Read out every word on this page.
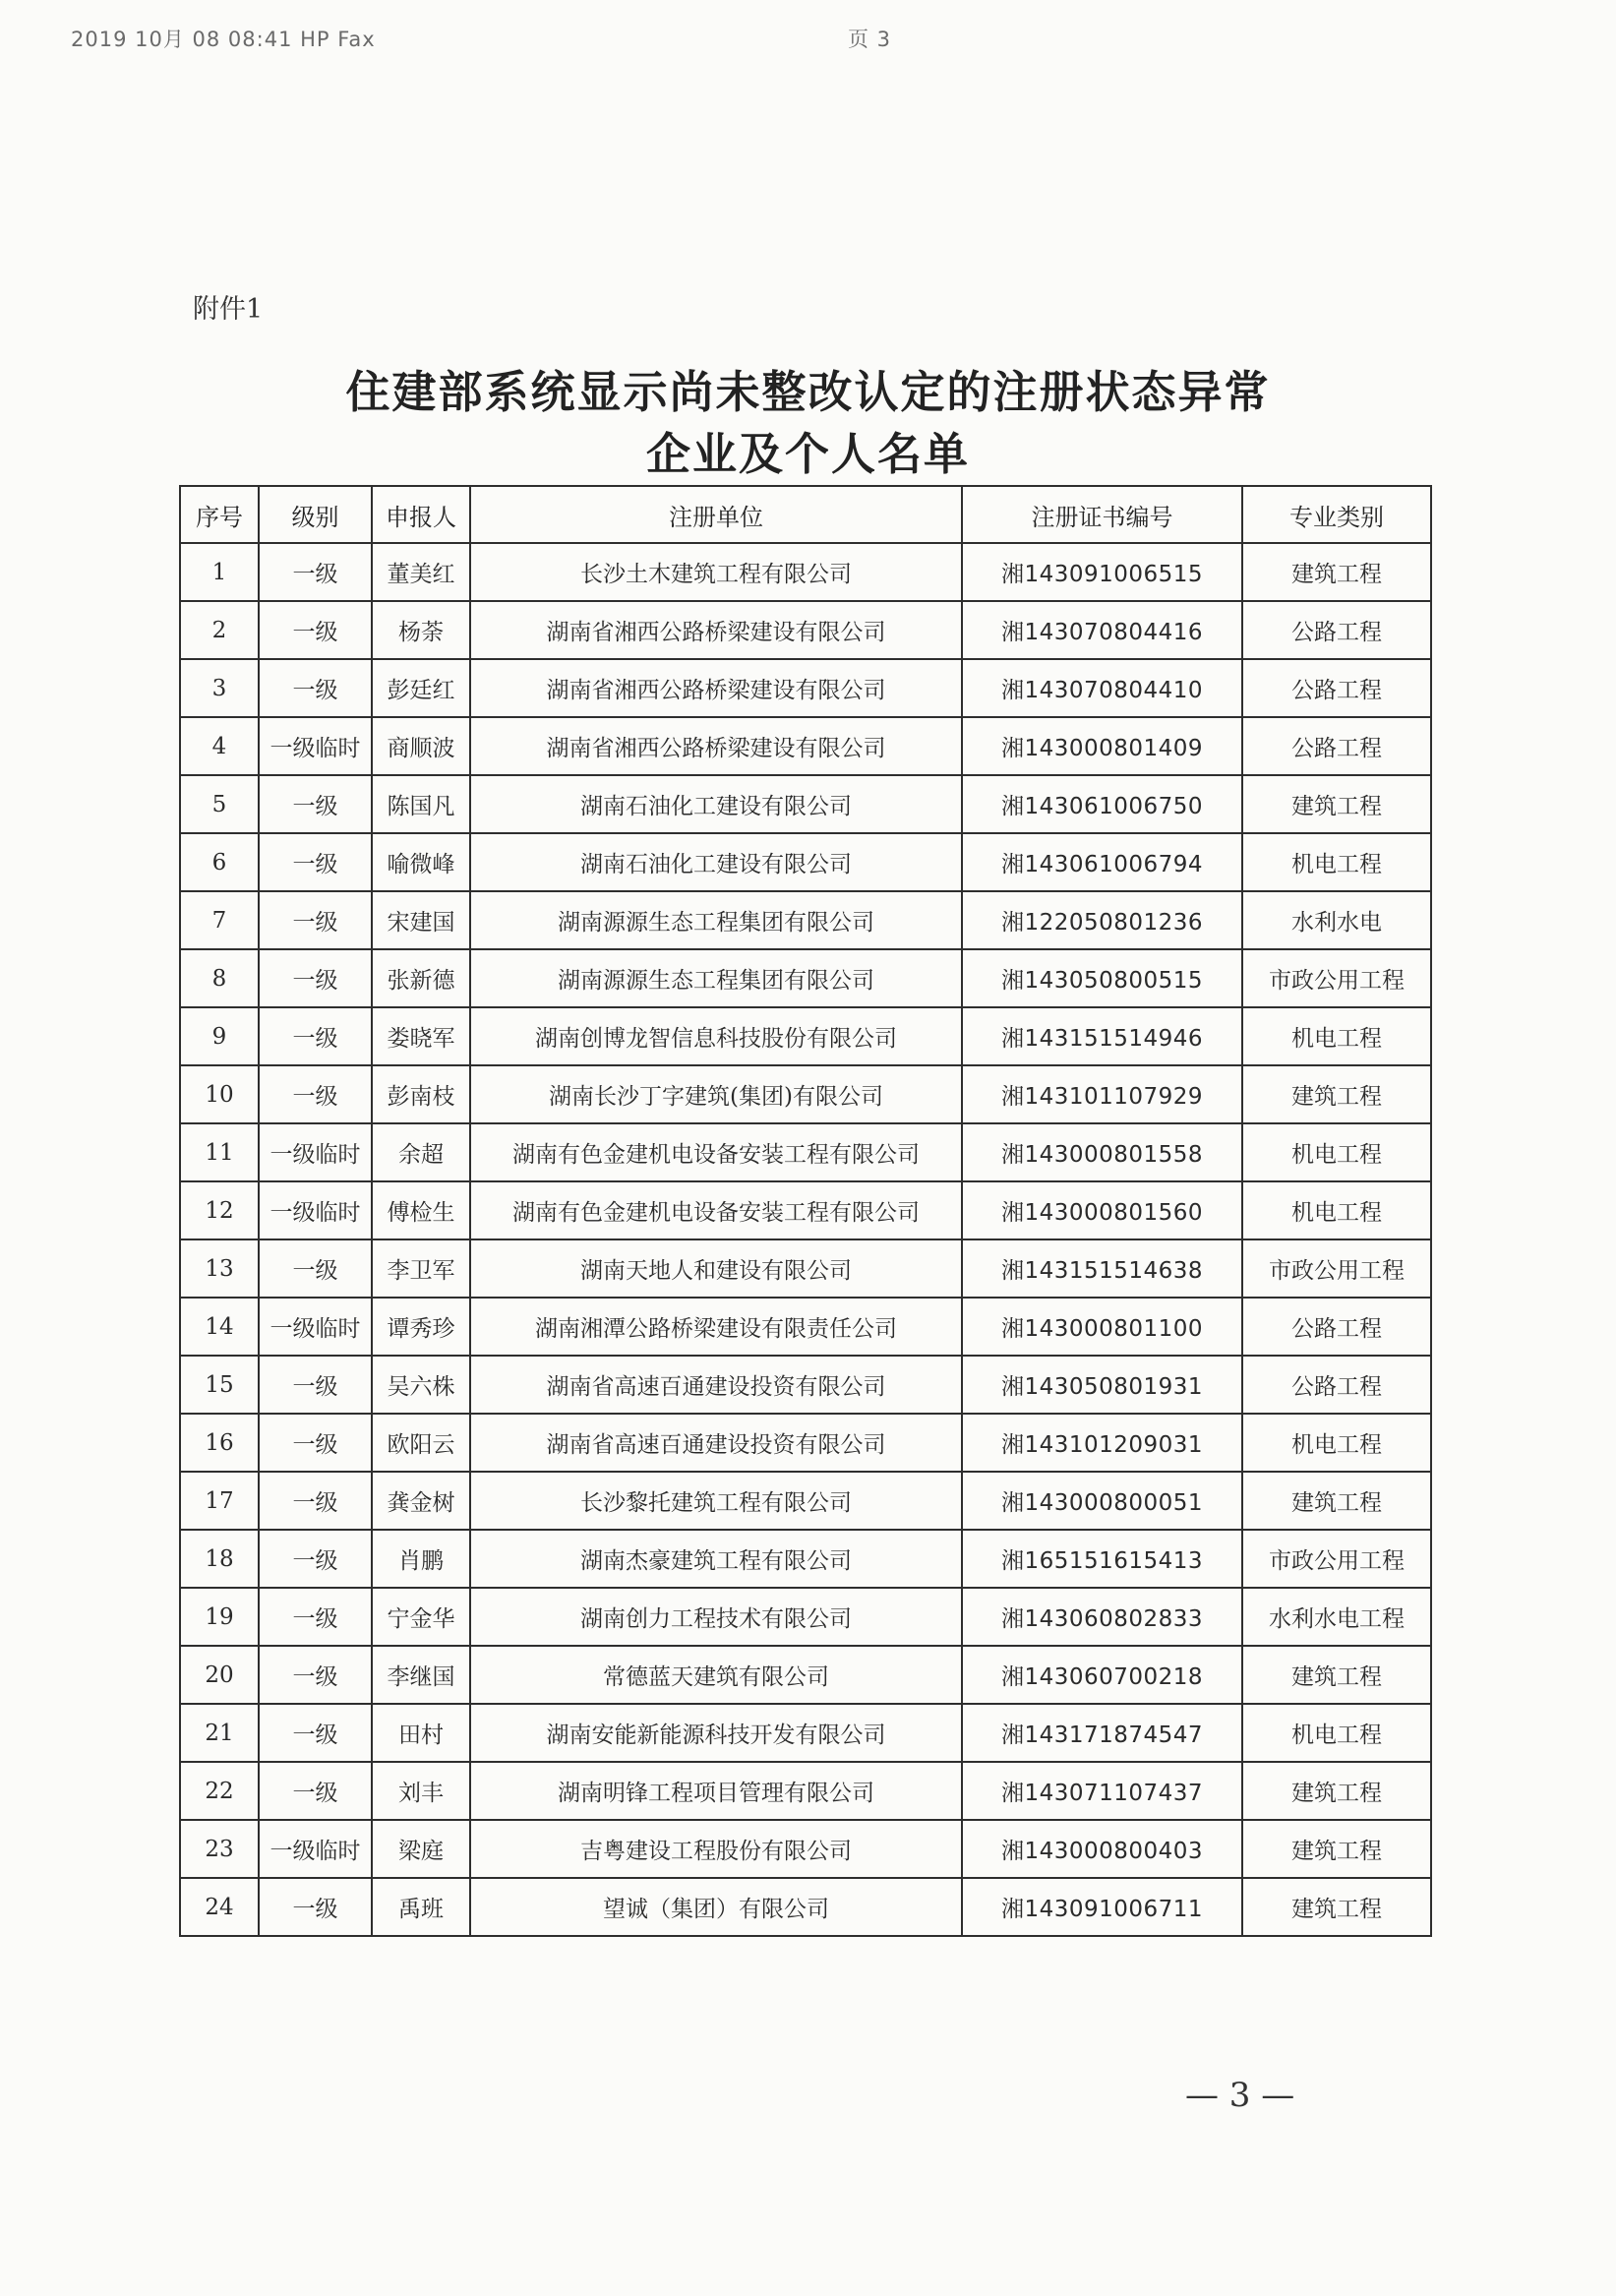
2019 10月 08 08:41 HP Fax	页 3
附件1
住建部系统显示尚未整改认定的注册状态异常
企业及个人名单
序号	级别	申报人	注册单位	注册证书编号	专业类别
1	一级	董美红	长沙土木建筑工程有限公司	湘143091006515	建筑工程
2	一级	杨荼	湖南省湘西公路桥梁建设有限公司	湘143070804416	公路工程
3	一级	彭廷红	湖南省湘西公路桥梁建设有限公司	湘143070804410	公路工程
4	一级临时	商顺波	湖南省湘西公路桥梁建设有限公司	湘143000801409	公路工程
5	一级	陈国凡	湖南石油化工建设有限公司	湘143061006750	建筑工程
6	一级	喻微峰	湖南石油化工建设有限公司	湘143061006794	机电工程
7	一级	宋建国	湖南源源生态工程集团有限公司	湘122050801236	水利水电
8	一级	张新德	湖南源源生态工程集团有限公司	湘143050800515	市政公用工程
9	一级	娄晓军	湖南创博龙智信息科技股份有限公司	湘143151514946	机电工程
10	一级	彭南枝	湖南长沙丁字建筑(集团)有限公司	湘143101107929	建筑工程
11	一级临时	余超	湖南有色金建机电设备安装工程有限公司	湘143000801558	机电工程
12	一级临时	傅检生	湖南有色金建机电设备安装工程有限公司	湘143000801560	机电工程
13	一级	李卫军	湖南天地人和建设有限公司	湘143151514638	市政公用工程
14	一级临时	谭秀珍	湖南湘潭公路桥梁建设有限责任公司	湘143000801100	公路工程
15	一级	吴六株	湖南省高速百通建设投资有限公司	湘143050801931	公路工程
16	一级	欧阳云	湖南省高速百通建设投资有限公司	湘143101209031	机电工程
17	一级	龚金树	长沙黎托建筑工程有限公司	湘143000800051	建筑工程
18	一级	肖鹏	湖南杰豪建筑工程有限公司	湘165151615413	市政公用工程
19	一级	宁金华	湖南创力工程技术有限公司	湘143060802833	水利水电工程
20	一级	李继国	常德蓝天建筑有限公司	湘143060700218	建筑工程
21	一级	田村	湖南安能新能源科技开发有限公司	湘143171874547	机电工程
22	一级	刘丰	湖南明锋工程项目管理有限公司	湘143071107437	建筑工程
23	一级临时	梁庭	吉粤建设工程股份有限公司	湘143000800403	建筑工程
24	一级	禹班	望诚（集团）有限公司	湘143091006711	建筑工程
— 3 —
